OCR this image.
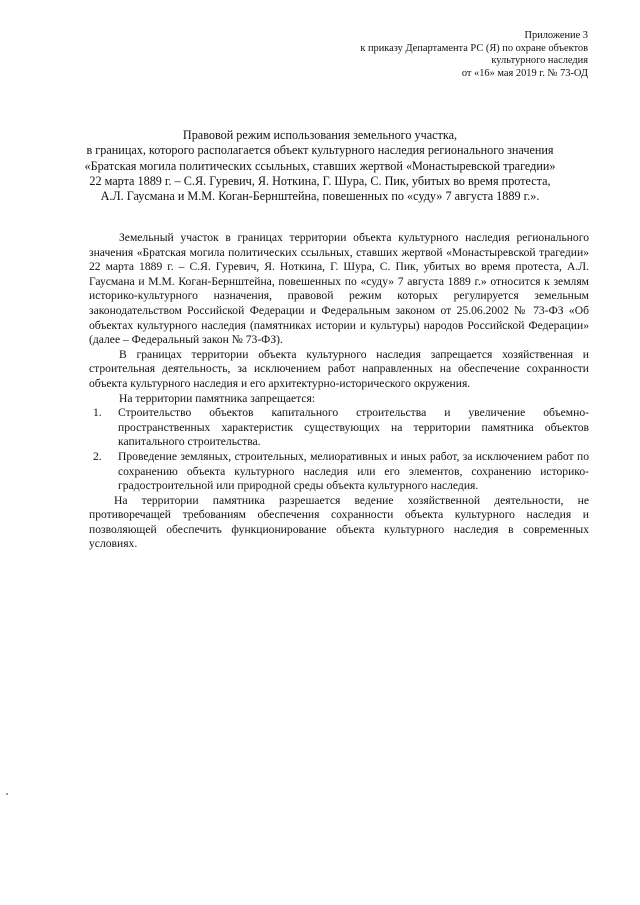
Приложение 3
к приказу Департамента РС (Я) по охране объектов
культурного наследия
от «16» мая 2019 г. № 73-ОД
Правовой режим использования земельного участка,
в границах, которого располагается объект культурного наследия регионального значения
«Братская могила политических ссыльных, ставших жертвой «Монастыревской трагедии»
22 марта 1889 г. – С.Я. Гуревич, Я. Ноткина, Г. Шура, С. Пик, убитых во время протеста,
А.Л. Гаусмана и М.М. Коган-Бернштейна, повешенных по «суду» 7 августа 1889 г.».

Земельный участок в границах территории объекта культурного наследия регионального значения «Братская могила политических ссыльных, ставших жертвой «Монастыревской трагедии» 22 марта 1889 г. – С.Я. Гуревич, Я. Ноткина, Г. Шура, С. Пик, убитых во время протеста, А.Л. Гаусмана и М.М. Коган-Бернштейна, повешенных по «суду» 7 августа 1889 г.» относится к землям историко-культурного назначения, правовой режим которых регулируется земельным законодательством Российской Федерации и Федеральным законом от 25.06.2002 № 73-ФЗ «Об объектах культурного наследия (памятниках истории и культуры) народов Российской Федерации» (далее – Федеральный закон № 73-ФЗ).

В границах территории объекта культурного наследия запрещается хозяйственная и строительная деятельность, за исключением работ направленных на обеспечение сохранности объекта культурного наследия и его архитектурно-исторического окружения.

На территории памятника запрещается:

1. Строительство объектов капитального строительства и увеличение объемно-пространственных характеристик существующих на территории памятника объектов капитального строительства.
2. Проведение земляных, строительных, мелиоративных и иных работ, за исключением работ по сохранению объекта культурного наследия или его элементов, сохранению историко-градостроительной или природной среды объекта культурного наследия.

На территории памятника разрешается ведение хозяйственной деятельности, не противоречащей требованиям обеспечения сохранности объекта культурного наследия и позволяющей обеспечить функционирование объекта культурного наследия в современных условиях.
